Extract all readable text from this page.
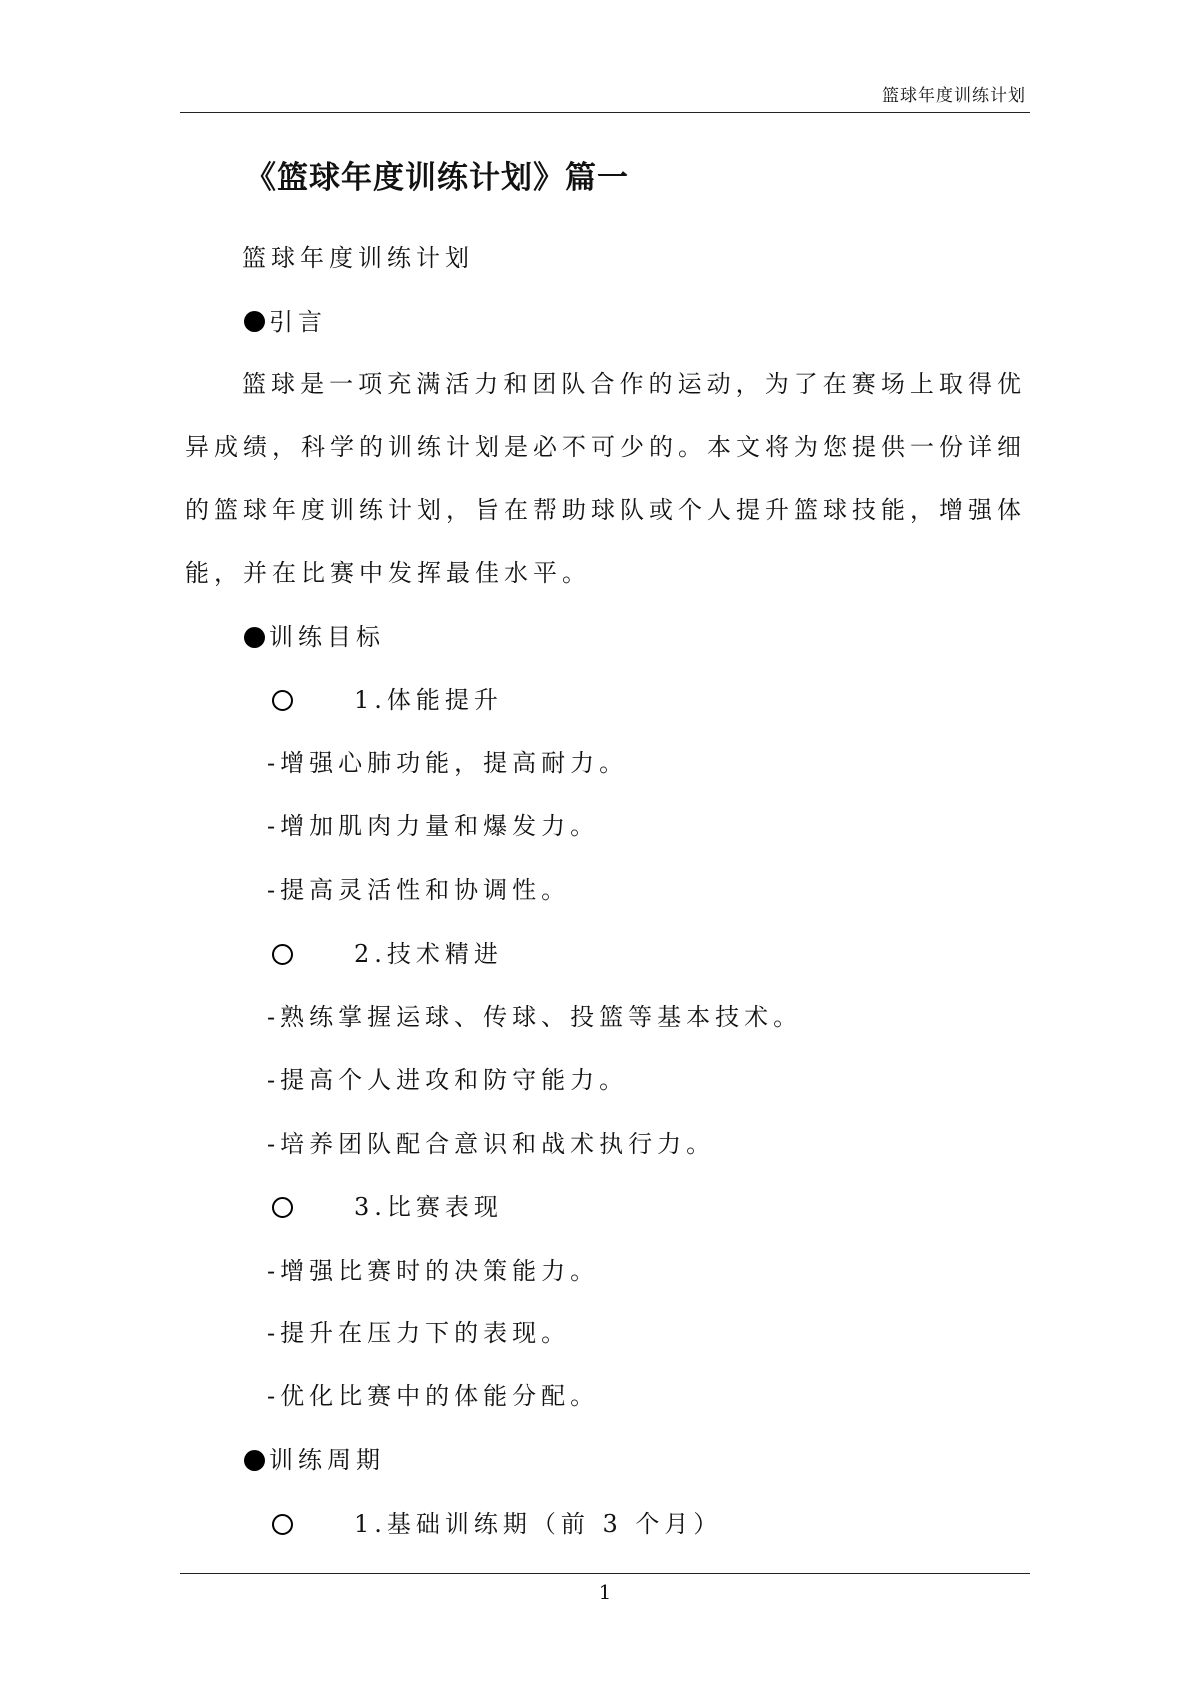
篮球年度训练计划
《篮球年度训练计划》篇一
篮球年度训练计划
引言
篮球是一项充满活力和团队合作的运动，为了在赛场上取得优
异成绩，科学的训练计划是必不可少的。本文将为您提供一份详细
的篮球年度训练计划，旨在帮助球队或个人提升篮球技能，增强体
能，并在比赛中发挥最佳水平。
训练目标
1.体能提升
-增强心肺功能，提高耐力。
-增加肌肉力量和爆发力。
-提高灵活性和协调性。
2.技术精进
-熟练掌握运球、传球、投篮等基本技术。
-提高个人进攻和防守能力。
-培养团队配合意识和战术执行力。
3.比赛表现
-增强比赛时的决策能力。
-提升在压力下的表现。
-优化比赛中的体能分配。
训练周期
1.基础训练期（前 3 个月）
1
